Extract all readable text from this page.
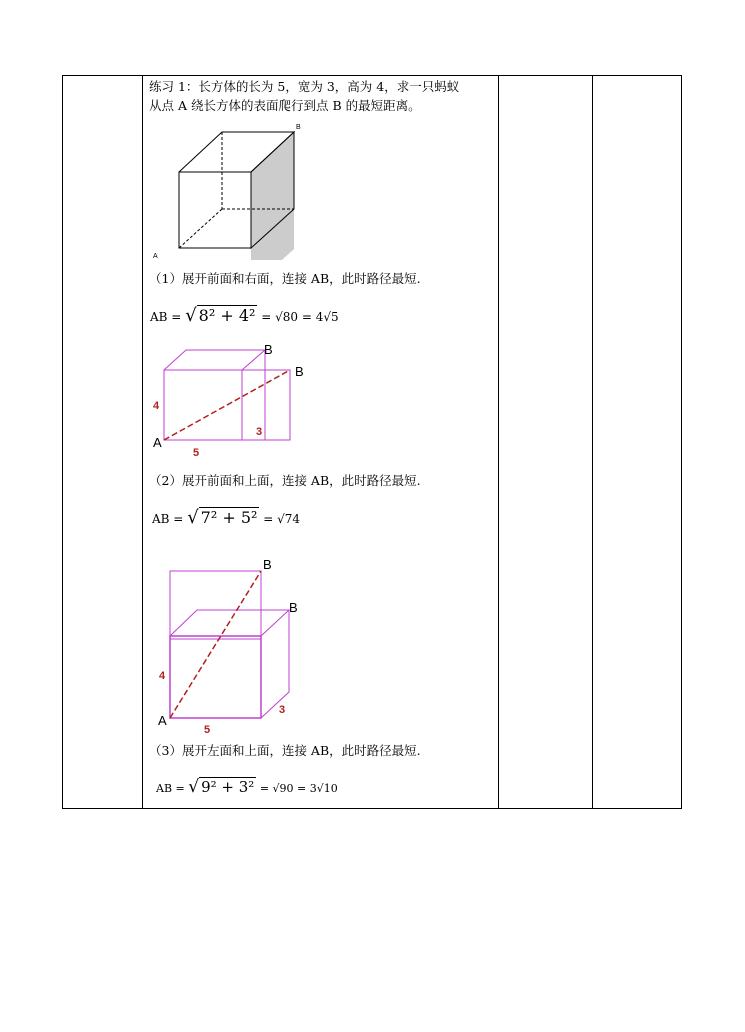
练习 1：长方体的长为 5，宽为 3，高为 4，求一只蚂蚁
从点 A 绕长方体的表面爬行到点 B 的最短距离。
A
B
（1）展开前面和右面，连接 AB，此时路径最短.
AB = √ 8² + 4² = √80 = 4√5
A
B
B
4
5
3
（2）展开前面和上面，连接 AB，此时路径最短.
AB = √ 7² + 5² = √74
A
B
B
4
5
3
（3）展开左面和上面，连接 AB，此时路径最短.
AB = √ 9² + 3² = √90 = 3√10
